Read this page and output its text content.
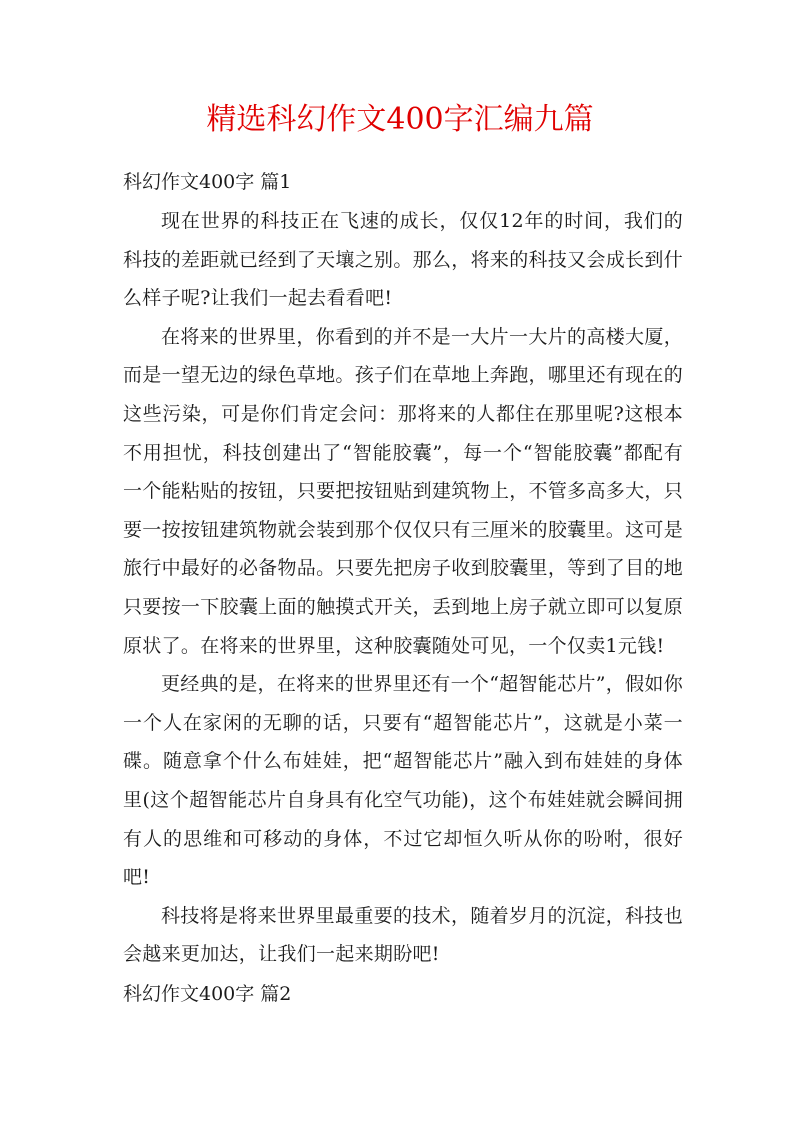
精选科幻作文400字汇编九篇

科幻作文400字 篇1

现在世界的科技正在飞速的成长，仅仅12年的时间，我们的科技的差距就已经到了天壤之别。那么，将来的科技又会成长到什么样子呢?让我们一起去看看吧!

在将来的世界里，你看到的并不是一大片一大片的高楼大厦，而是一望无边的绿色草地。孩子们在草地上奔跑，哪里还有现在的这些污染，可是你们肯定会问：那将来的人都住在那里呢?这根本不用担忧，科技创建出了“智能胶囊”，每一个“智能胶囊”都配有一个能粘贴的按钮，只要把按钮贴到建筑物上，不管多高多大，只要一按按钮建筑物就会装到那个仅仅只有三厘米的胶囊里。这可是旅行中最好的必备物品。只要先把房子收到胶囊里，等到了目的地只要按一下胶囊上面的触摸式开关，丢到地上房子就立即可以复原原状了。在将来的世界里，这种胶囊随处可见，一个仅卖1元钱!

更经典的是，在将来的世界里还有一个“超智能芯片”，假如你一个人在家闲的无聊的话，只要有“超智能芯片”，这就是小菜一碟。随意拿个什么布娃娃，把“超智能芯片”融入到布娃娃的身体里(这个超智能芯片自身具有化空气功能)，这个布娃娃就会瞬间拥有人的思维和可移动的身体，不过它却恒久听从你的吩咐，很好吧!

科技将是将来世界里最重要的技术，随着岁月的沉淀，科技也会越来更加达，让我们一起来期盼吧!

科幻作文400字 篇2
